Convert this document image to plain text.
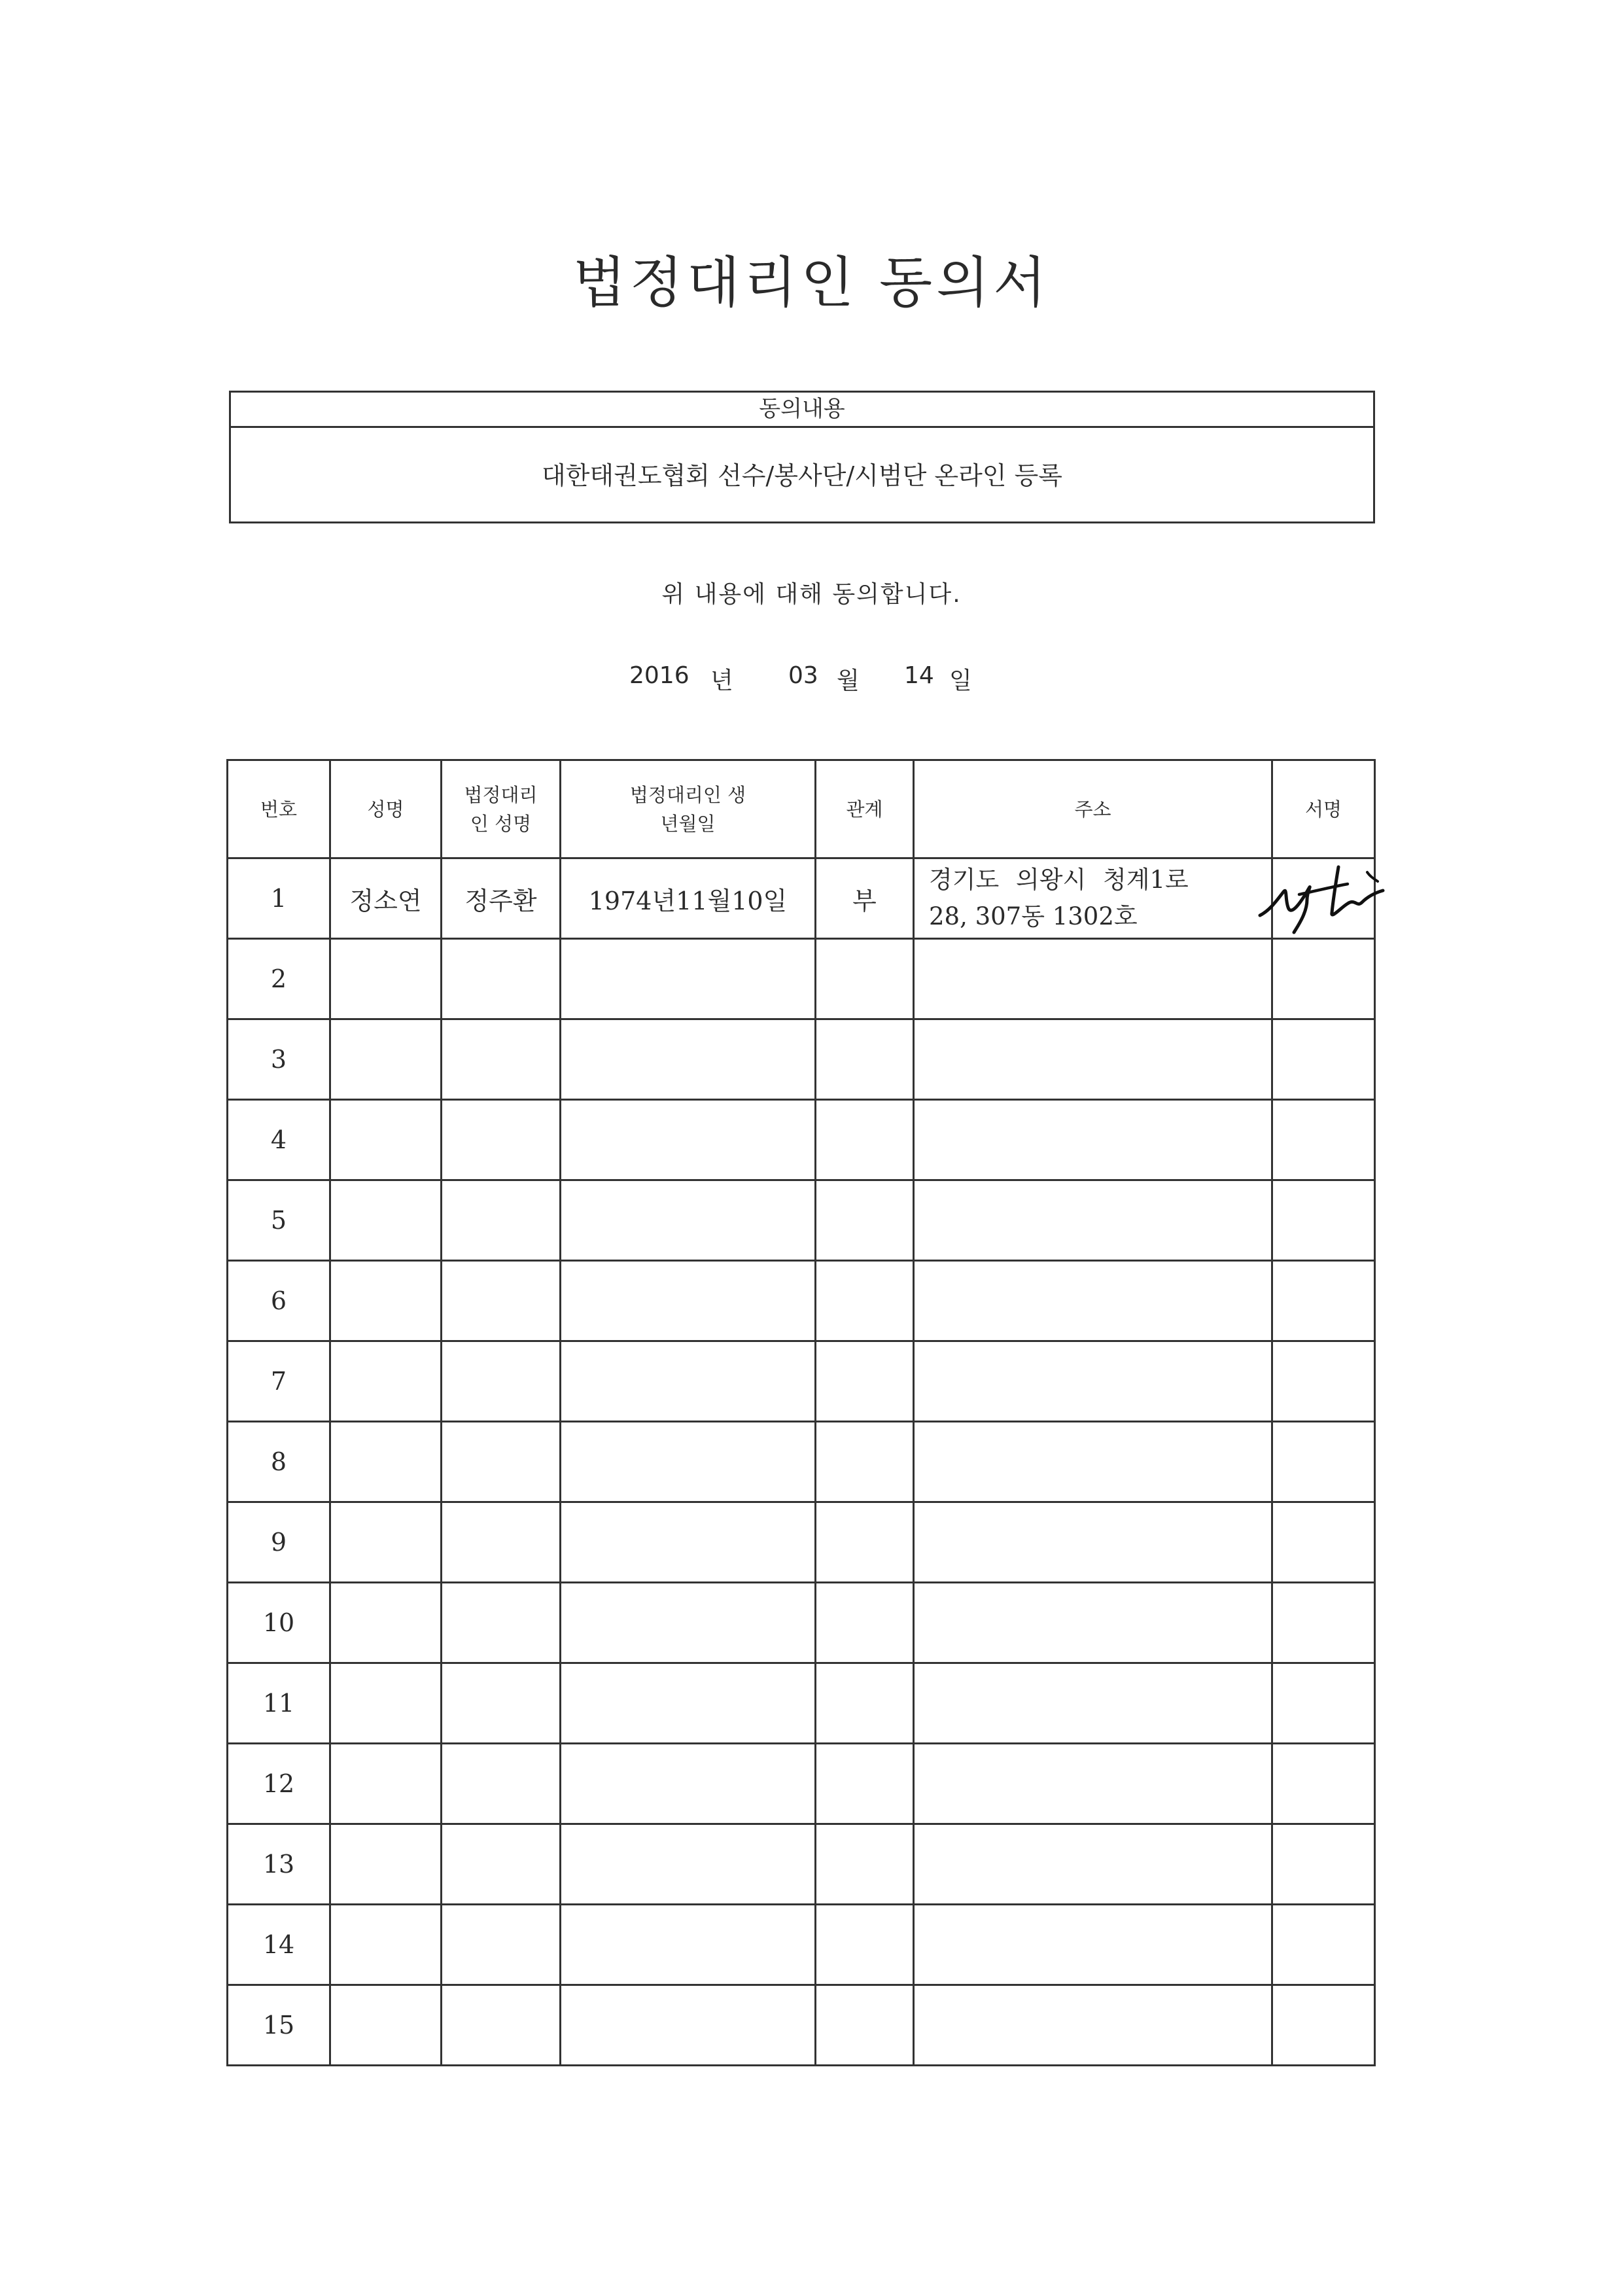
법정대리인 동의서
동의내용
대한태권도협회 선수/봉사단/시범단 온라인 등록
위 내용에 대해 동의합니다.
2016 년 03 월 14 일
번호	성명	법정대리인 성명	법정대리인 생년월일	관계	주소	서명
1	정소연	정주환	1974년11월10일	부	경기도 의왕시 청계1로
28, 307동 1302호

2						
3						
4						
5						
6						
7						
8						
9						
10						
11						
12						
13						
14						
15						
